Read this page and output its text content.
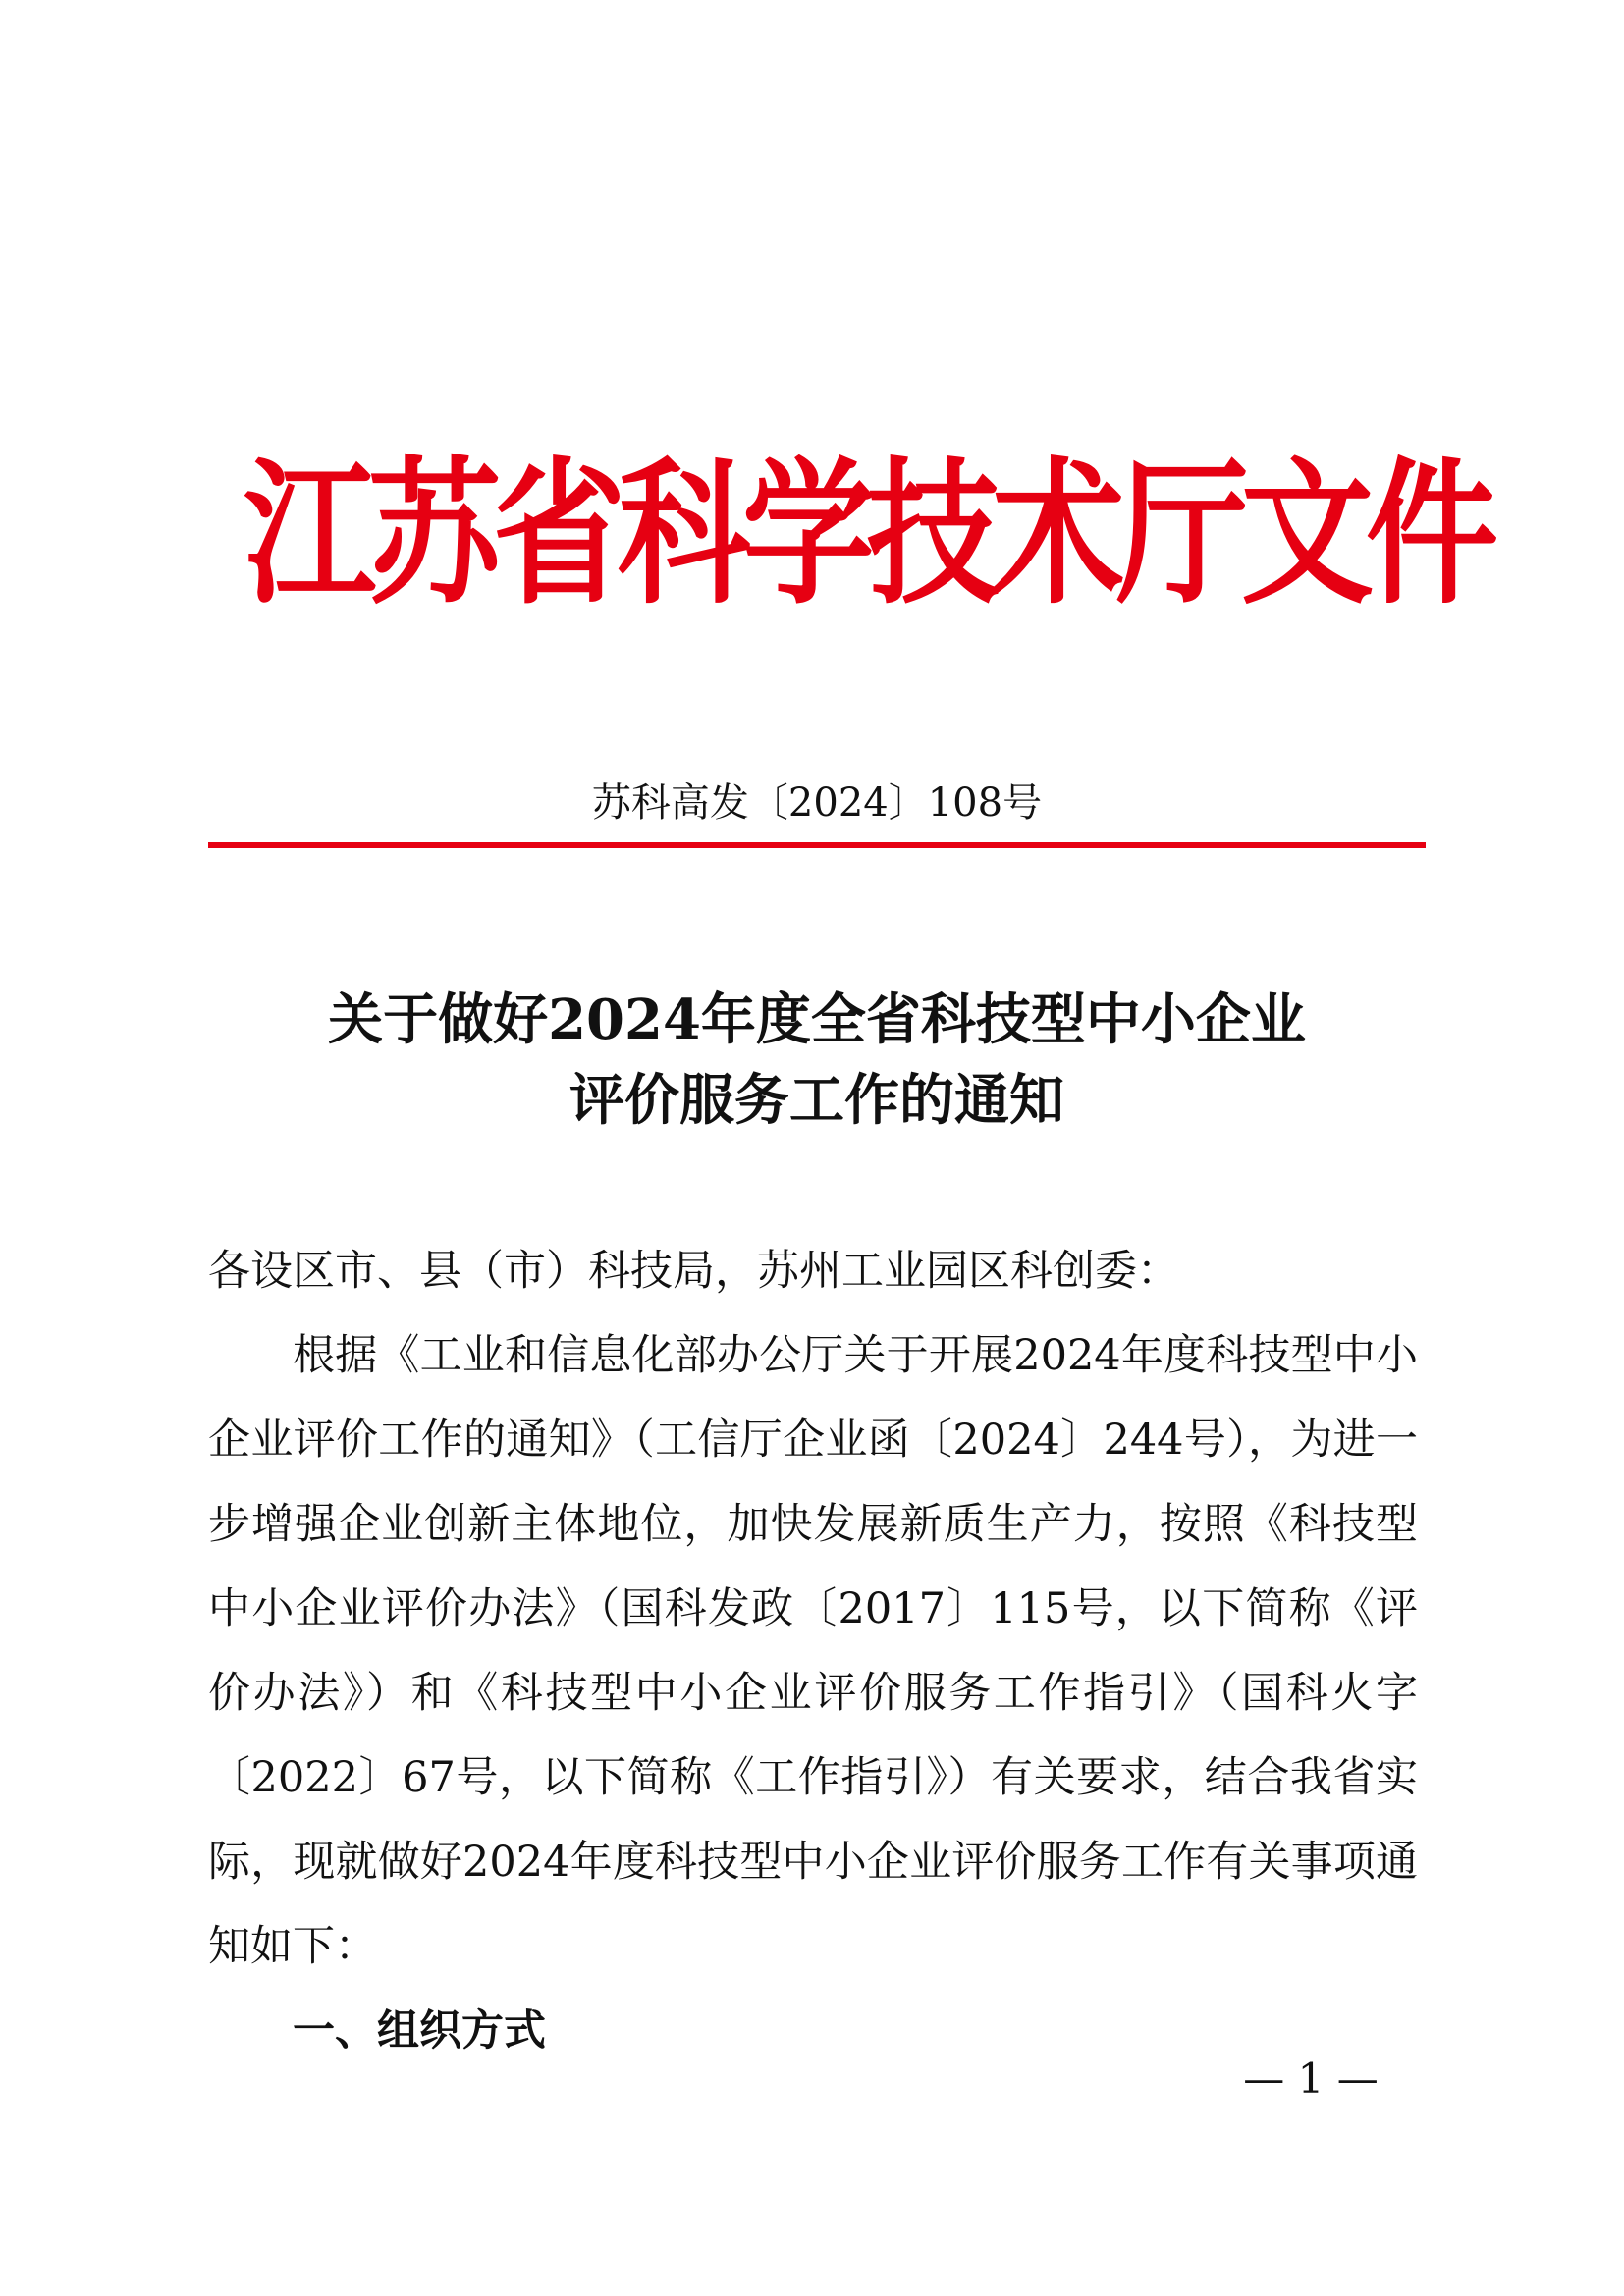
江苏省科学技术厅文件
苏科高发〔2024〕108号
关于做好2024年度全省科技型中小企业
评价服务工作的通知

各设区市、县（市）科技局，苏州工业园区科创委：

根据《工业和信息化部办公厅关于开展2024年度科技型中小企业评价工作的通知》（工信厅企业函〔2024〕244号），为进一步增强企业创新主体地位，加快发展新质生产力，按照《科技型中小企业评价办法》（国科发政〔2017〕115号，以下简称《评价办法》）和《科技型中小企业评价服务工作指引》（国科火字〔2022〕67号，以下简称《工作指引》）有关要求，结合我省实际，现就做好2024年度科技型中小企业评价服务工作有关事项通知如下：

一、组织方式

— 1 —
